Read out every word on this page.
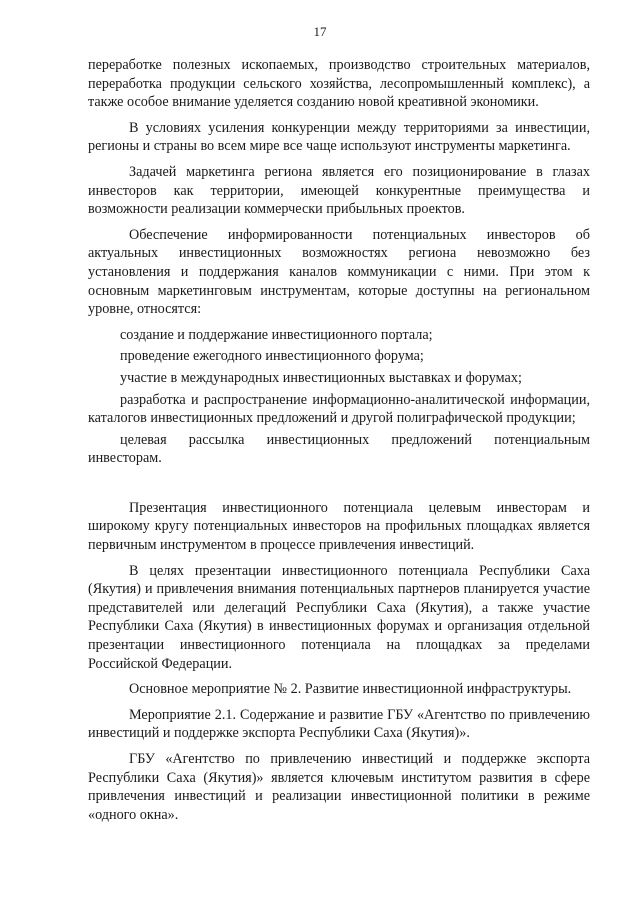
17

переработке полезных ископаемых, производство строительных материалов, переработка продукции сельского хозяйства, лесопромышленный комплекс), а также особое внимание уделяется созданию новой креативной экономики.

В условиях усиления конкуренции между территориями за инвестиции, регионы и страны во всем мире все чаще используют инструменты маркетинга.

Задачей маркетинга региона является его позиционирование в глазах инвесторов как территории, имеющей конкурентные преимущества и возможности реализации коммерчески прибыльных проектов.

Обеспечение информированности потенциальных инвесторов об актуальных инвестиционных возможностях региона невозможно без установления и поддержания каналов коммуникации с ними. При этом к основным маркетинговым инструментам, которые доступны на региональном уровне, относятся:

создание и поддержание инвестиционного портала;
проведение ежегодного инвестиционного форума;
участие в международных инвестиционных выставках и форумах;
разработка и распространение информационно-аналитической информации, каталогов инвестиционных предложений и другой полиграфической продукции;
целевая рассылка инвестиционных предложений потенциальным инвесторам.

Презентация инвестиционного потенциала целевым инвесторам и широкому кругу потенциальных инвесторов на профильных площадках является первичным инструментом в процессе привлечения инвестиций.

В целях презентации инвестиционного потенциала Республики Саха (Якутия) и привлечения внимания потенциальных партнеров планируется участие представителей или делегаций Республики Саха (Якутия), а также участие Республики Саха (Якутия) в инвестиционных форумах и организация отдельной презентации инвестиционного потенциала на площадках за пределами Российской Федерации.

Основное мероприятие № 2. Развитие инвестиционной инфраструктуры.

Мероприятие 2.1. Содержание и развитие ГБУ «Агентство по привлечению инвестиций и поддержке экспорта Республики Саха (Якутия)».

ГБУ «Агентство по привлечению инвестиций и поддержке экспорта Республики Саха (Якутия)» является ключевым институтом развития в сфере привлечения инвестиций и реализации инвестиционной политики в режиме «одного окна».
